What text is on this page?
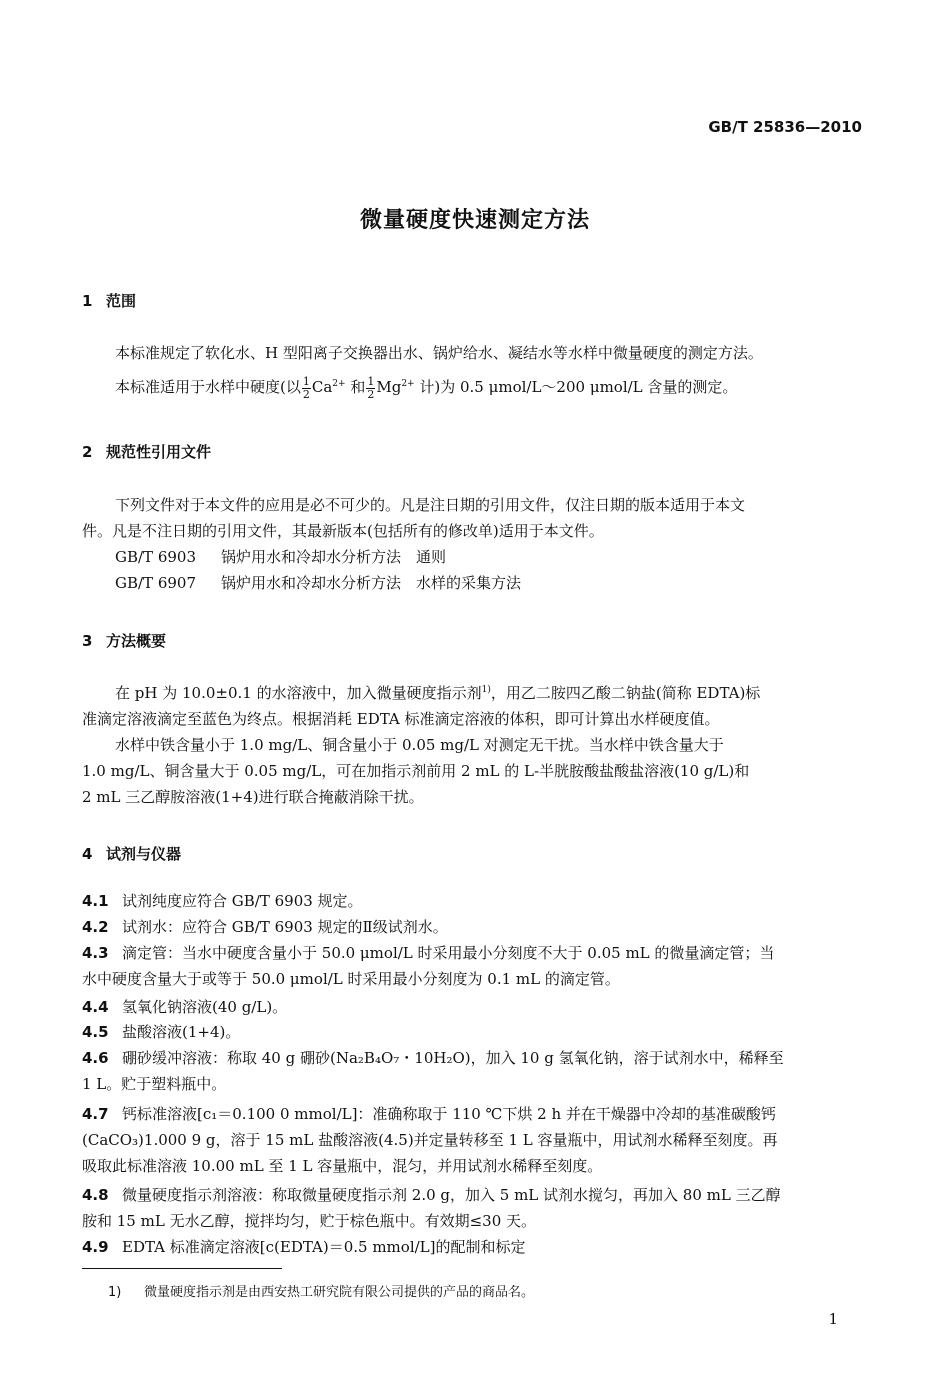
GB/T 25836—2010
微量硬度快速测定方法
1 范围
本标准规定了软化水、H 型阳离子交换器出水、锅炉给水、凝结水等水样中微量硬度的测定方法。
本标准适用于水样中硬度(以 $\frac{1}{2} Ca^{2+}$ 和 $\frac{1}{2} Mg^{2+}$ 计)为 0.5 μmol/L～200 μmol/L 含量的测定。
2 规范性引用文件
下列文件对于本文件的应用是必不可少的。凡是注日期的引用文件，仅注日期的版本适用于本文
件。凡是不注日期的引用文件，其最新版本(包括所有的修改单)适用于本文件。
GB/T 6903 锅炉用水和冷却水分析方法　通则
GB/T 6907 锅炉用水和冷却水分析方法　水样的采集方法
3 方法概要
在 pH 为 10.0±0.1 的水溶液中，加入微量硬度指示剂$^{1)}$，用乙二胺四乙酸二钠盐(简称 EDTA)标
准滴定溶液滴定至蓝色为终点。根据消耗 EDTA 标准滴定溶液的体积，即可计算出水样硬度值。
水样中铁含量小于 1.0 mg/L、铜含量小于 0.05 mg/L 对测定无干扰。当水样中铁含量大于
1.0 mg/L、铜含量大于 0.05 mg/L，可在加指示剂前用 2 mL 的 L-半胱胺酸盐酸盐溶液(10 g/L)和
2 mL 三乙醇胺溶液(1+4)进行联合掩蔽消除干扰。
4 试剂与仪器
4.1 试剂纯度应符合 GB/T 6903 规定。
4.2 试剂水：应符合 GB/T 6903 规定的Ⅱ级试剂水。
4.3 滴定管：当水中硬度含量小于 50.0 μmol/L 时采用最小分刻度不大于 0.05 mL 的微量滴定管；当
水中硬度含量大于或等于 50.0 μmol/L 时采用最小分刻度为 0.1 mL 的滴定管。
4.4 氢氧化钠溶液(40 g/L)。
4.5 盐酸溶液(1+4)。
4.6 硼砂缓冲溶液：称取 40 g 硼砂(Na₂B₄O₇・10H₂O)，加入 10 g 氢氧化钠，溶于试剂水中，稀释至
1 L。贮于塑料瓶中。
4.7 钙标准溶液[c₁＝0.100 0 mmol/L]：准确称取于 110 ℃下烘 2 h 并在干燥器中冷却的基准碳酸钙
(CaCO₃)1.000 9 g，溶于 15 mL 盐酸溶液(4.5)并定量转移至 1 L 容量瓶中，用试剂水稀释至刻度。再
吸取此标准溶液 10.00 mL 至 1 L 容量瓶中，混匀，并用试剂水稀释至刻度。
4.8 微量硬度指示剂溶液：称取微量硬度指示剂 2.0 g，加入 5 mL 试剂水搅匀，再加入 80 mL 三乙醇
胺和 15 mL 无水乙醇，搅拌均匀，贮于棕色瓶中。有效期≤30 天。
4.9 EDTA 标准滴定溶液[c(EDTA)＝0.5 mmol/L]的配制和标定
1) 微量硬度指示剂是由西安热工研究院有限公司提供的产品的商品名。
1
